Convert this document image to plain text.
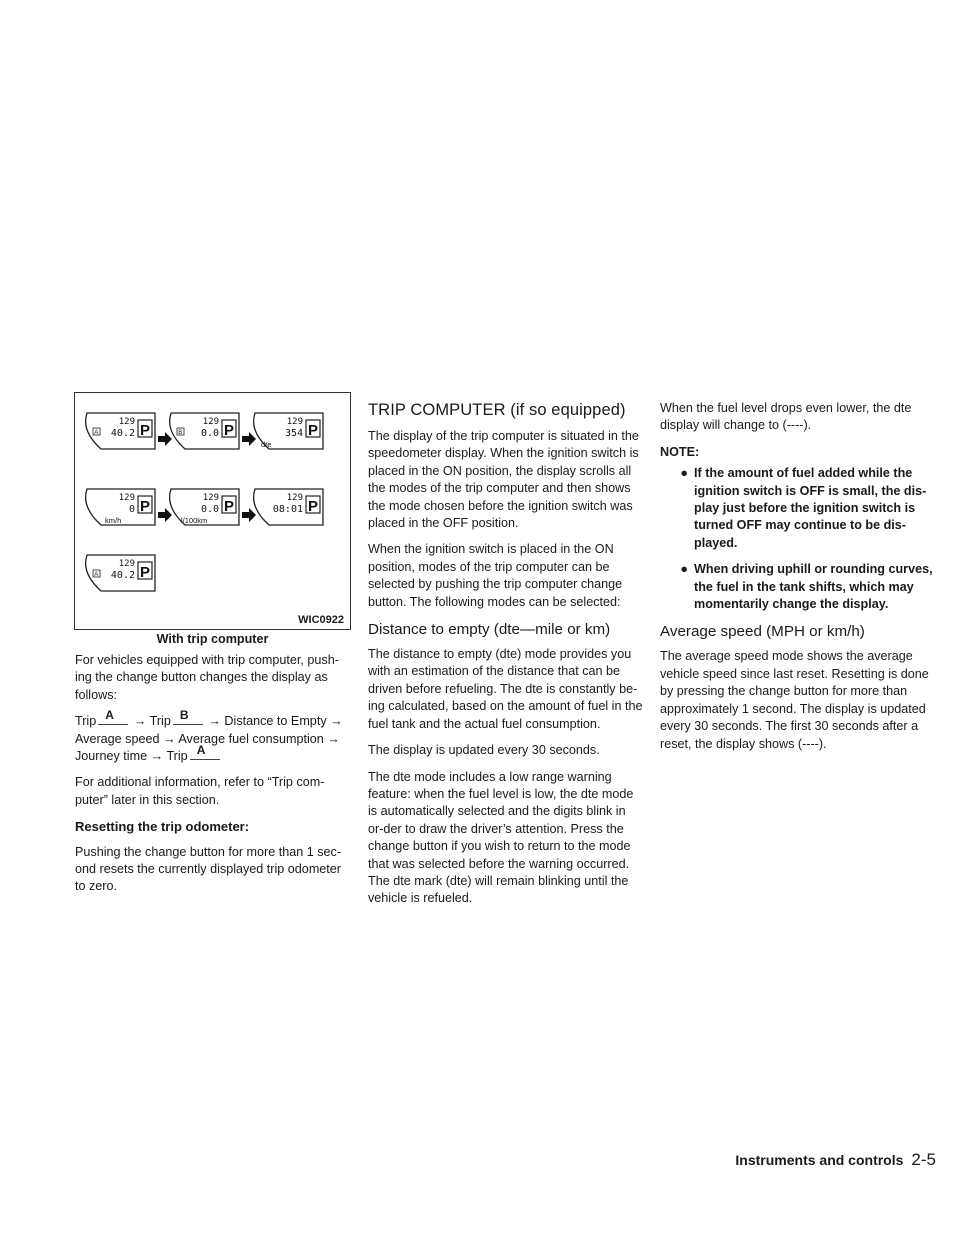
P
129
40.2
A	P
129
0.0
B	P
129
354
dte
P
129
0
km/h
P
129
0.0
l/100km
P
129
08:01
P
129
40.2
A
WIC0922
With trip computer

For vehicles equipped with trip computer, push-ing the change button changes the display as follows:

Trip A → Trip B → Distance to Empty →
Average speed → Average fuel consumption →
Journey time → Trip A

For additional information, refer to “Trip com-puter” later in this section.

Resetting the trip odometer:

Pushing the change button for more than 1 sec-ond resets the currently displayed trip odometer to zero.

TRIP COMPUTER (if so equipped)

The display of the trip computer is situated in the speedometer display. When the ignition switch is placed in the ON position, the display scrolls all the modes of the trip computer and then shows the mode chosen before the ignition switch was placed in the OFF position.

When the ignition switch is placed in the ON position, modes of the trip computer can be selected by pushing the trip computer change button. The following modes can be selected:

Distance to empty (dte—mile or km)

The distance to empty (dte) mode provides you with an estimation of the distance that can be driven before refueling. The dte is constantly be-ing calculated, based on the amount of fuel in the fuel tank and the actual fuel consumption.

The display is updated every 30 seconds.

The dte mode includes a low range warning feature: when the fuel level is low, the dte mode is automatically selected and the digits blink in or-der to draw the driver’s attention. Press the change button if you wish to return to the mode that was selected before the warning occurred. The dte mark (dte) will remain blinking until the vehicle is refueled.

When the fuel level drops even lower, the dte display will change to (----).

NOTE:
● If the amount of fuel added while the ignition switch is OFF is small, the dis-play just before the ignition switch is turned OFF may continue to be dis-played.
● When driving uphill or rounding curves, the fuel in the tank shifts, which may momentarily change the display.
Average speed (MPH or km/h)

The average speed mode shows the average vehicle speed since last reset. Resetting is done by pressing the change button for more than approximately 1 second. The display is updated every 30 seconds. The first 30 seconds after a reset, the display shows (----).

Instruments and controls 2-5
